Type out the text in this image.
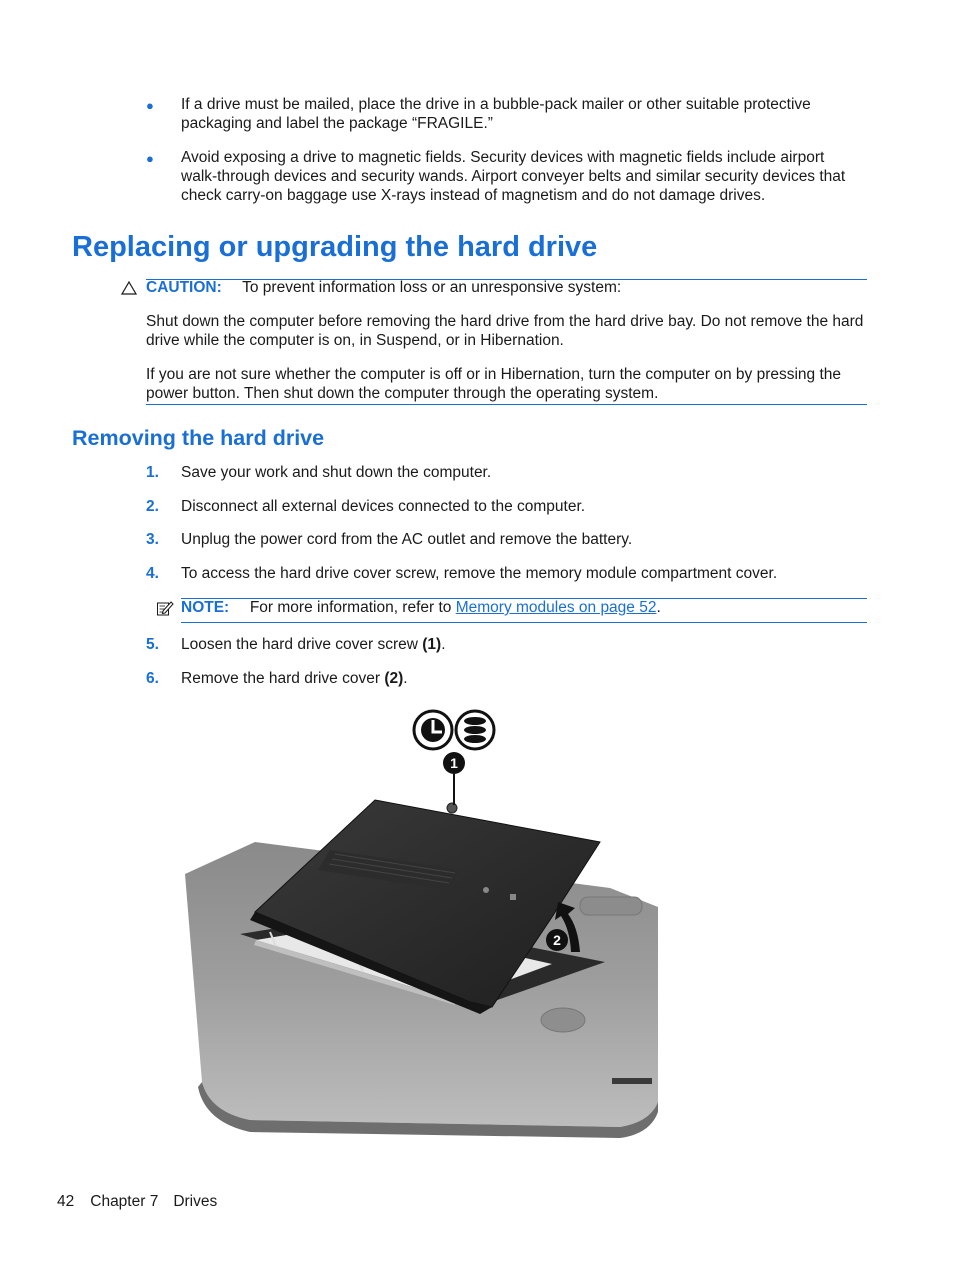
● If a drive must be mailed, place the drive in a bubble-pack mailer or other suitable protective packaging and label the package “FRAGILE.”
● Avoid exposing a drive to magnetic fields. Security devices with magnetic fields include airport walk-through devices and security wands. Airport conveyer belts and similar security devices that check carry-on baggage use X-rays instead of magnetism and do not damage drives.
Replacing or upgrading the hard drive
CAUTION: To prevent information loss or an unresponsive system:
Shut down the computer before removing the hard drive from the hard drive bay. Do not remove the hard drive while the computer is on, in Suspend, or in Hibernation.
If you are not sure whether the computer is off or in Hibernation, turn the computer on by pressing the power button. Then shut down the computer through the operating system.
Removing the hard drive
1. Save your work and shut down the computer.
2. Disconnect all external devices connected to the computer.
3. Unplug the power cord from the AC outlet and remove the battery.
4. To access the hard drive cover screw, remove the memory module compartment cover.
NOTE: For more information, refer to Memory modules on page 52.
5. Loosen the hard drive cover screw (1).
6. Remove the hard drive cover (2).
1
2
42 Chapter 7 Drives
